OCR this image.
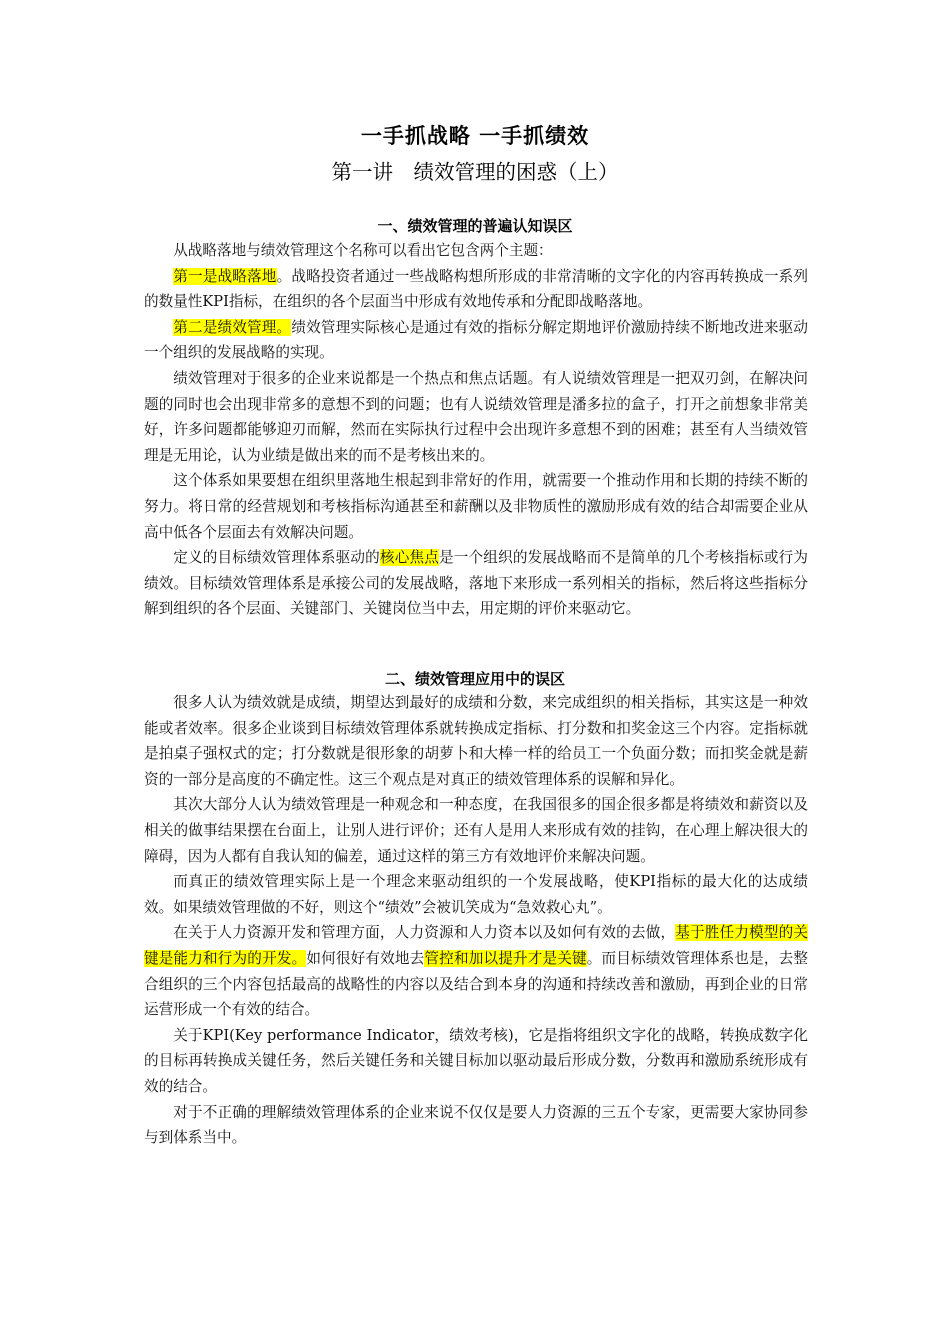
一手抓战略 一手抓绩效
第一讲　绩效管理的困惑（上）
一、绩效管理的普遍认知误区

从战略落地与绩效管理这个名称可以看出它包含两个主题：

第一是战略落地。战略投资者通过一些战略构想所形成的非常清晰的文字化的内容再转换成一系列的数量性KPI指标，在组织的各个层面当中形成有效地传承和分配即战略落地。

第二是绩效管理。绩效管理实际核心是通过有效的指标分解定期地评价激励持续不断地改进来驱动一个组织的发展战略的实现。

绩效管理对于很多的企业来说都是一个热点和焦点话题。有人说绩效管理是一把双刃剑，在解决问题的同时也会出现非常多的意想不到的问题；也有人说绩效管理是潘多拉的盒子，打开之前想象非常美好，许多问题都能够迎刃而解，然而在实际执行过程中会出现许多意想不到的困难；甚至有人当绩效管理是无用论，认为业绩是做出来的而不是考核出来的。

这个体系如果要想在组织里落地生根起到非常好的作用，就需要一个推动作用和长期的持续不断的努力。将日常的经营规划和考核指标沟通甚至和薪酬以及非物质性的激励形成有效的结合却需要企业从高中低各个层面去有效解决问题。

定义的目标绩效管理体系驱动的核心焦点是一个组织的发展战略而不是简单的几个考核指标或行为绩效。目标绩效管理体系是承接公司的发展战略，落地下来形成一系列相关的指标，然后将这些指标分解到组织的各个层面、关键部门、关键岗位当中去，用定期的评价来驱动它。

二、绩效管理应用中的误区

很多人认为绩效就是成绩，期望达到最好的成绩和分数，来完成组织的相关指标，其实这是一种效能或者效率。很多企业谈到目标绩效管理体系就转换成定指标、打分数和扣奖金这三个内容。定指标就是拍桌子强权式的定；打分数就是很形象的胡萝卜和大棒一样的给员工一个负面分数；而扣奖金就是薪资的一部分是高度的不确定性。这三个观点是对真正的绩效管理体系的误解和异化。

其次大部分人认为绩效管理是一种观念和一种态度，在我国很多的国企很多都是将绩效和薪资以及相关的做事结果摆在台面上，让别人进行评价；还有人是用人来形成有效的挂钩，在心理上解决很大的障碍，因为人都有自我认知的偏差，通过这样的第三方有效地评价来解决问题。

而真正的绩效管理实际上是一个理念来驱动组织的一个发展战略，使KPI指标的最大化的达成绩效。如果绩效管理做的不好，则这个“绩效”会被讥笑成为“急效救心丸”。

在关于人力资源开发和管理方面，人力资源和人力资本以及如何有效的去做，基于胜任力模型的关键是能力和行为的开发。如何很好有效地去管控和加以提升才是关键。而目标绩效管理体系也是，去整合组织的三个内容包括最高的战略性的内容以及结合到本身的沟通和持续改善和激励，再到企业的日常运营形成一个有效的结合。

关于KPI(Key performance Indicator，绩效考核)，它是指将组织文字化的战略，转换成数字化的目标再转换成关键任务，然后关键任务和关键目标加以驱动最后形成分数，分数再和激励系统形成有效的结合。

对于不正确的理解绩效管理体系的企业来说不仅仅是要人力资源的三五个专家，更需要大家协同参与到体系当中。
